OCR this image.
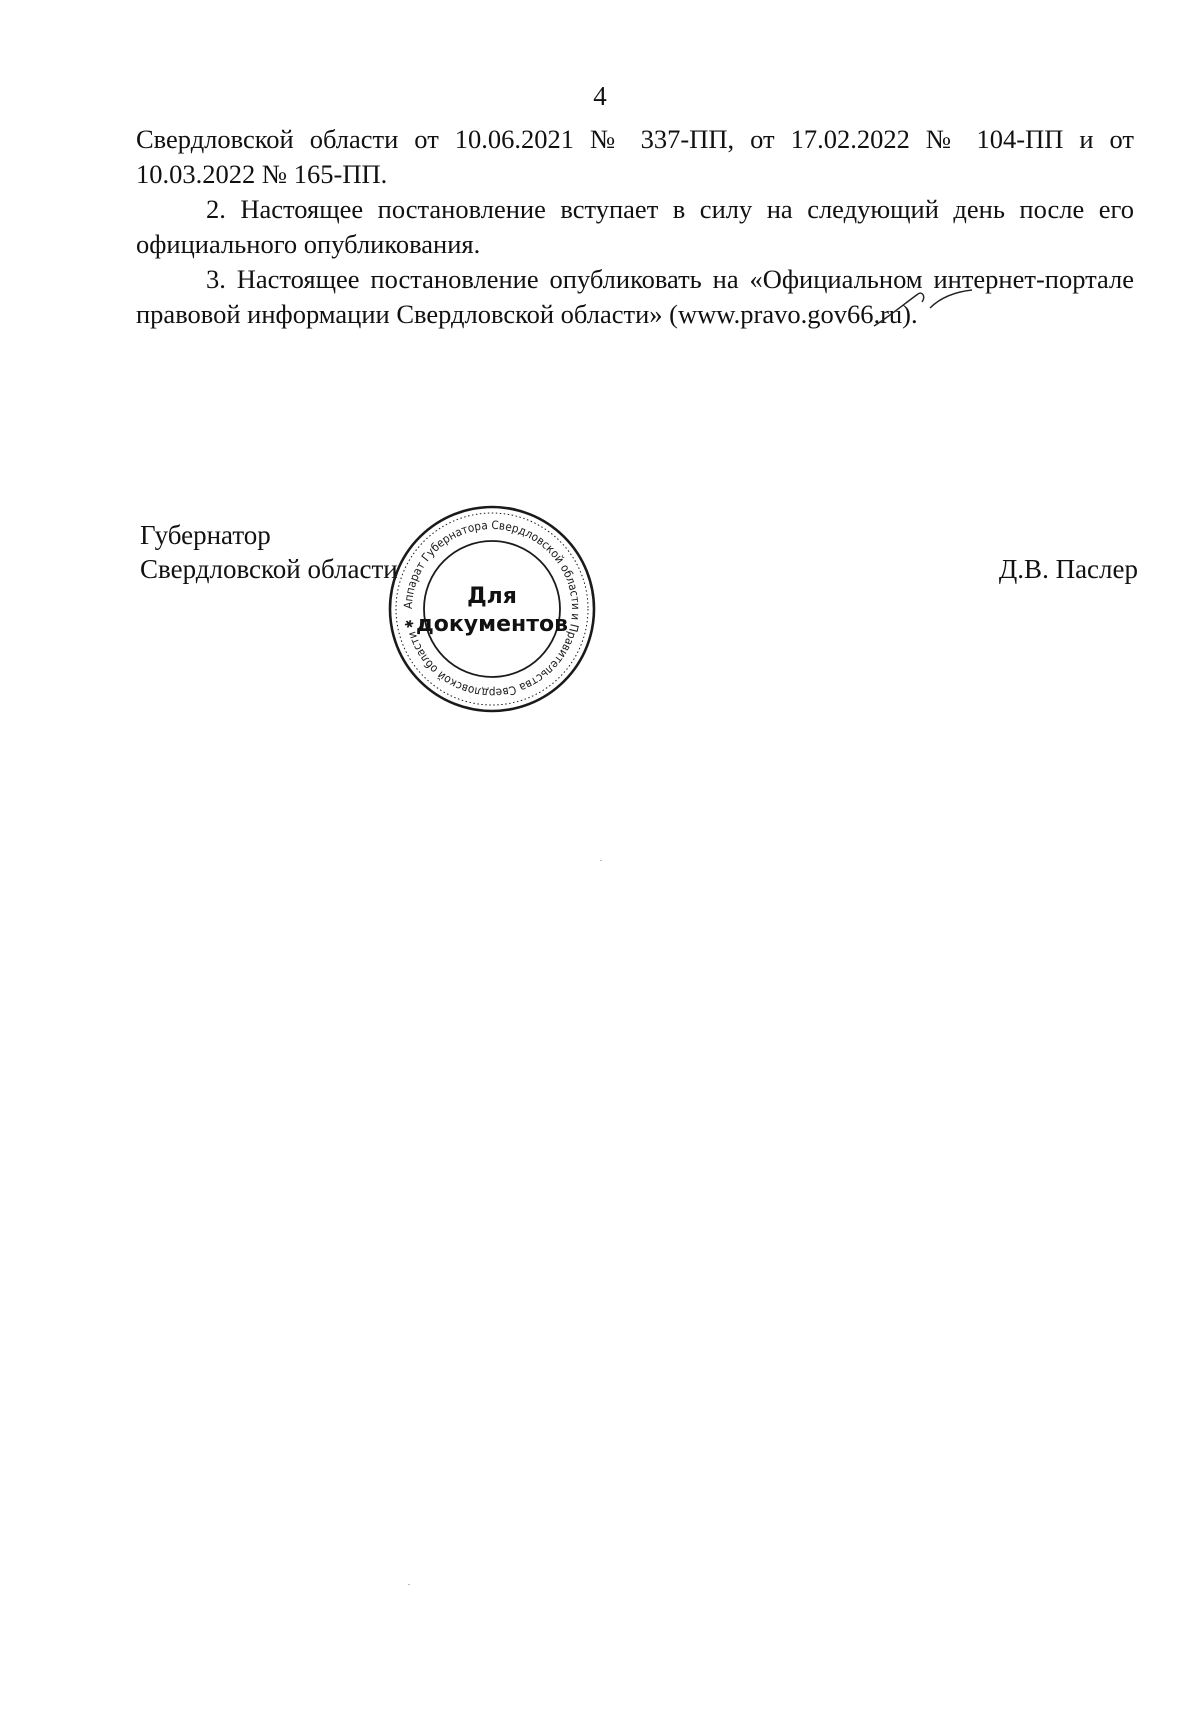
4

Свердловской области от 10.06.2021 № 337-ПП, от 17.02.2022 № 104-ПП и от 10.03.2022 № 165-ПП.

2. Настоящее постановление вступает в силу на следующий день после его официального опубликования.

3. Настоящее постановление опубликовать на «Официальном интернет-портале правовой информации Свердловской области» (www.pravo.gov66.ru).

Губернатор
Свердловской области
Аппарат Губернатора Свердловской области и Правительства Свердловской области ✱
Для
документов
Д.В. Паслер
